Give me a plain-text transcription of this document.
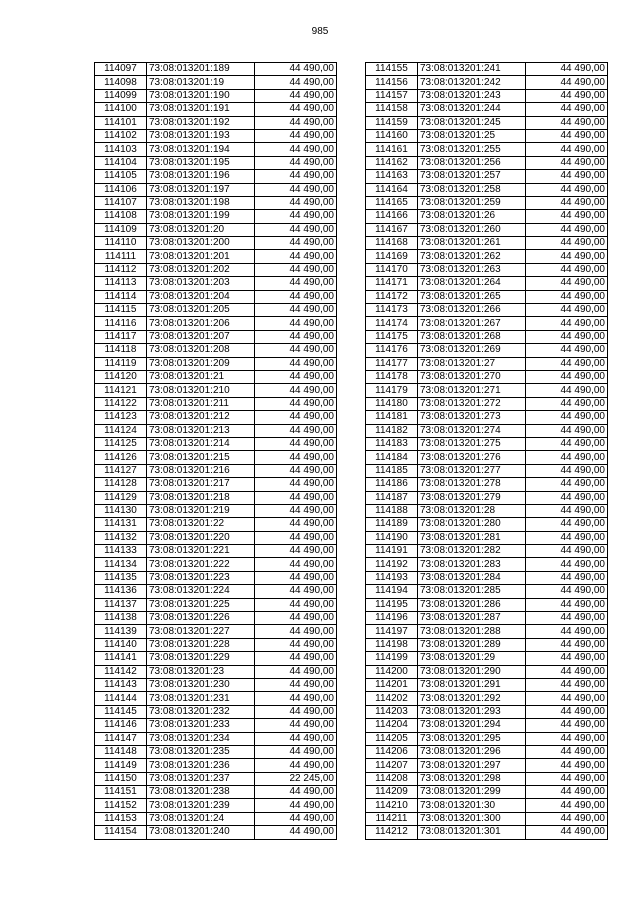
985
114097	73:08:013201:189	44 490,00
114098	73:08:013201:19	44 490,00
114099	73:08:013201:190	44 490,00
114100	73:08:013201:191	44 490,00
114101	73:08:013201:192	44 490,00
114102	73:08:013201:193	44 490,00
114103	73:08:013201:194	44 490,00
114104	73:08:013201:195	44 490,00
114105	73:08:013201:196	44 490,00
114106	73:08:013201:197	44 490,00
114107	73:08:013201:198	44 490,00
114108	73:08:013201:199	44 490,00
114109	73:08:013201:20	44 490,00
114110	73:08:013201:200	44 490,00
114111	73:08:013201:201	44 490,00
114112	73:08:013201:202	44 490,00
114113	73:08:013201:203	44 490,00
114114	73:08:013201:204	44 490,00
114115	73:08:013201:205	44 490,00
114116	73:08:013201:206	44 490,00
114117	73:08:013201:207	44 490,00
114118	73:08:013201:208	44 490,00
114119	73:08:013201:209	44 490,00
114120	73:08:013201:21	44 490,00
114121	73:08:013201:210	44 490,00
114122	73:08:013201:211	44 490,00
114123	73:08:013201:212	44 490,00
114124	73:08:013201:213	44 490,00
114125	73:08:013201:214	44 490,00
114126	73:08:013201:215	44 490,00
114127	73:08:013201:216	44 490,00
114128	73:08:013201:217	44 490,00
114129	73:08:013201:218	44 490,00
114130	73:08:013201:219	44 490,00
114131	73:08:013201:22	44 490,00
114132	73:08:013201:220	44 490,00
114133	73:08:013201:221	44 490,00
114134	73:08:013201:222	44 490,00
114135	73:08:013201:223	44 490,00
114136	73:08:013201:224	44 490,00
114137	73:08:013201:225	44 490,00
114138	73:08:013201:226	44 490,00
114139	73:08:013201:227	44 490,00
114140	73:08:013201:228	44 490,00
114141	73:08:013201:229	44 490,00
114142	73:08:013201:23	44 490,00
114143	73:08:013201:230	44 490,00
114144	73:08:013201:231	44 490,00
114145	73:08:013201:232	44 490,00
114146	73:08:013201:233	44 490,00
114147	73:08:013201:234	44 490,00
114148	73:08:013201:235	44 490,00
114149	73:08:013201:236	44 490,00
114150	73:08:013201:237	22 245,00
114151	73:08:013201:238	44 490,00
114152	73:08:013201:239	44 490,00
114153	73:08:013201:24	44 490,00
114154	73:08:013201:240	44 490,00
114155	73:08:013201:241	44 490,00
114156	73:08:013201:242	44 490,00
114157	73:08:013201:243	44 490,00
114158	73:08:013201:244	44 490,00
114159	73:08:013201:245	44 490,00
114160	73:08:013201:25	44 490,00
114161	73:08:013201:255	44 490,00
114162	73:08:013201:256	44 490,00
114163	73:08:013201:257	44 490,00
114164	73:08:013201:258	44 490,00
114165	73:08:013201:259	44 490,00
114166	73:08:013201:26	44 490,00
114167	73:08:013201:260	44 490,00
114168	73:08:013201:261	44 490,00
114169	73:08:013201:262	44 490,00
114170	73:08:013201:263	44 490,00
114171	73:08:013201:264	44 490,00
114172	73:08:013201:265	44 490,00
114173	73:08:013201:266	44 490,00
114174	73:08:013201:267	44 490,00
114175	73:08:013201:268	44 490,00
114176	73:08:013201:269	44 490,00
114177	73:08:013201:27	44 490,00
114178	73:08:013201:270	44 490,00
114179	73:08:013201:271	44 490,00
114180	73:08:013201:272	44 490,00
114181	73:08:013201:273	44 490,00
114182	73:08:013201:274	44 490,00
114183	73:08:013201:275	44 490,00
114184	73:08:013201:276	44 490,00
114185	73:08:013201:277	44 490,00
114186	73:08:013201:278	44 490,00
114187	73:08:013201:279	44 490,00
114188	73:08:013201:28	44 490,00
114189	73:08:013201:280	44 490,00
114190	73:08:013201:281	44 490,00
114191	73:08:013201:282	44 490,00
114192	73:08:013201:283	44 490,00
114193	73:08:013201:284	44 490,00
114194	73:08:013201:285	44 490,00
114195	73:08:013201:286	44 490,00
114196	73:08:013201:287	44 490,00
114197	73:08:013201:288	44 490,00
114198	73:08:013201:289	44 490,00
114199	73:08:013201:29	44 490,00
114200	73:08:013201:290	44 490,00
114201	73:08:013201:291	44 490,00
114202	73:08:013201:292	44 490,00
114203	73:08:013201:293	44 490,00
114204	73:08:013201:294	44 490,00
114205	73:08:013201:295	44 490,00
114206	73:08:013201:296	44 490,00
114207	73:08:013201:297	44 490,00
114208	73:08:013201:298	44 490,00
114209	73:08:013201:299	44 490,00
114210	73:08:013201:30	44 490,00
114211	73:08:013201:300	44 490,00
114212	73:08:013201:301	44 490,00
